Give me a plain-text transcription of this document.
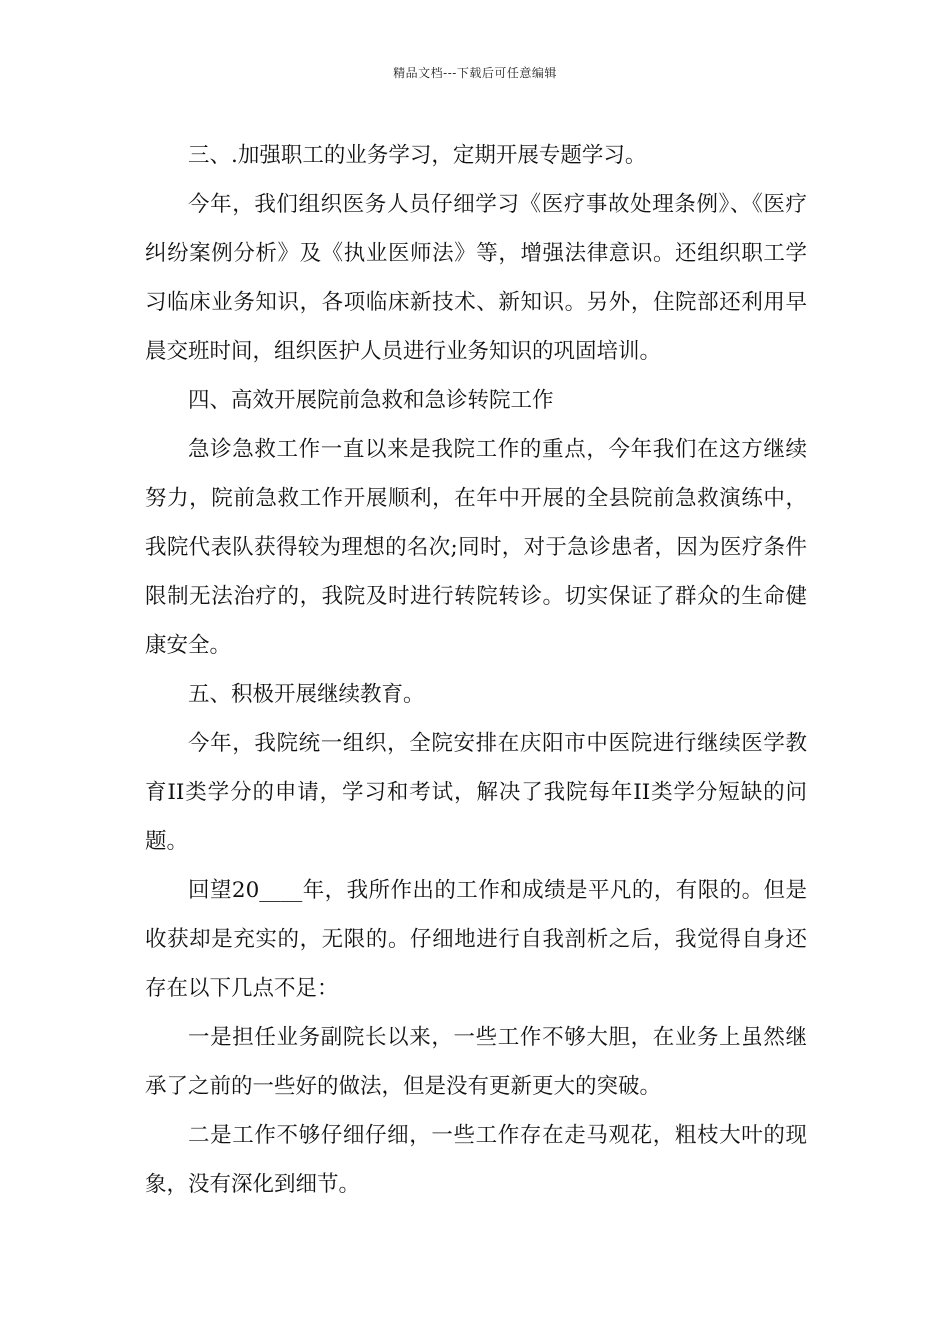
精品文档---下载后可任意编辑

三、.加强职工的业务学习，定期开展专题学习。

今年，我们组织医务人员仔细学习《医疗事故处理条例》、《医疗纠纷案例分析》及《执业医师法》等，增强法律意识。还组织职工学习临床业务知识，各项临床新技术、新知识。另外，住院部还利用早晨交班时间，组织医护人员进行业务知识的巩固培训。

四、高效开展院前急救和急诊转院工作

急诊急救工作一直以来是我院工作的重点，今年我们在这方继续努力，院前急救工作开展顺利，在年中开展的全县院前急救演练中，我院代表队获得较为理想的名次;同时，对于急诊患者，因为医疗条件限制无法治疗的，我院及时进行转院转诊。切实保证了群众的生命健康安全。

五、积极开展继续教育。

今年，我院统一组织，全院安排在庆阳市中医院进行继续医学教育II类学分的申请，学习和考试，解决了我院每年II类学分短缺的问题。

回望20____年，我所作出的工作和成绩是平凡的，有限的。但是收获却是充实的，无限的。仔细地进行自我剖析之后，我觉得自身还存在以下几点不足：

一是担任业务副院长以来，一些工作不够大胆，在业务上虽然继承了之前的一些好的做法，但是没有更新更大的突破。

二是工作不够仔细仔细，一些工作存在走马观花，粗枝大叶的现象，没有深化到细节。
